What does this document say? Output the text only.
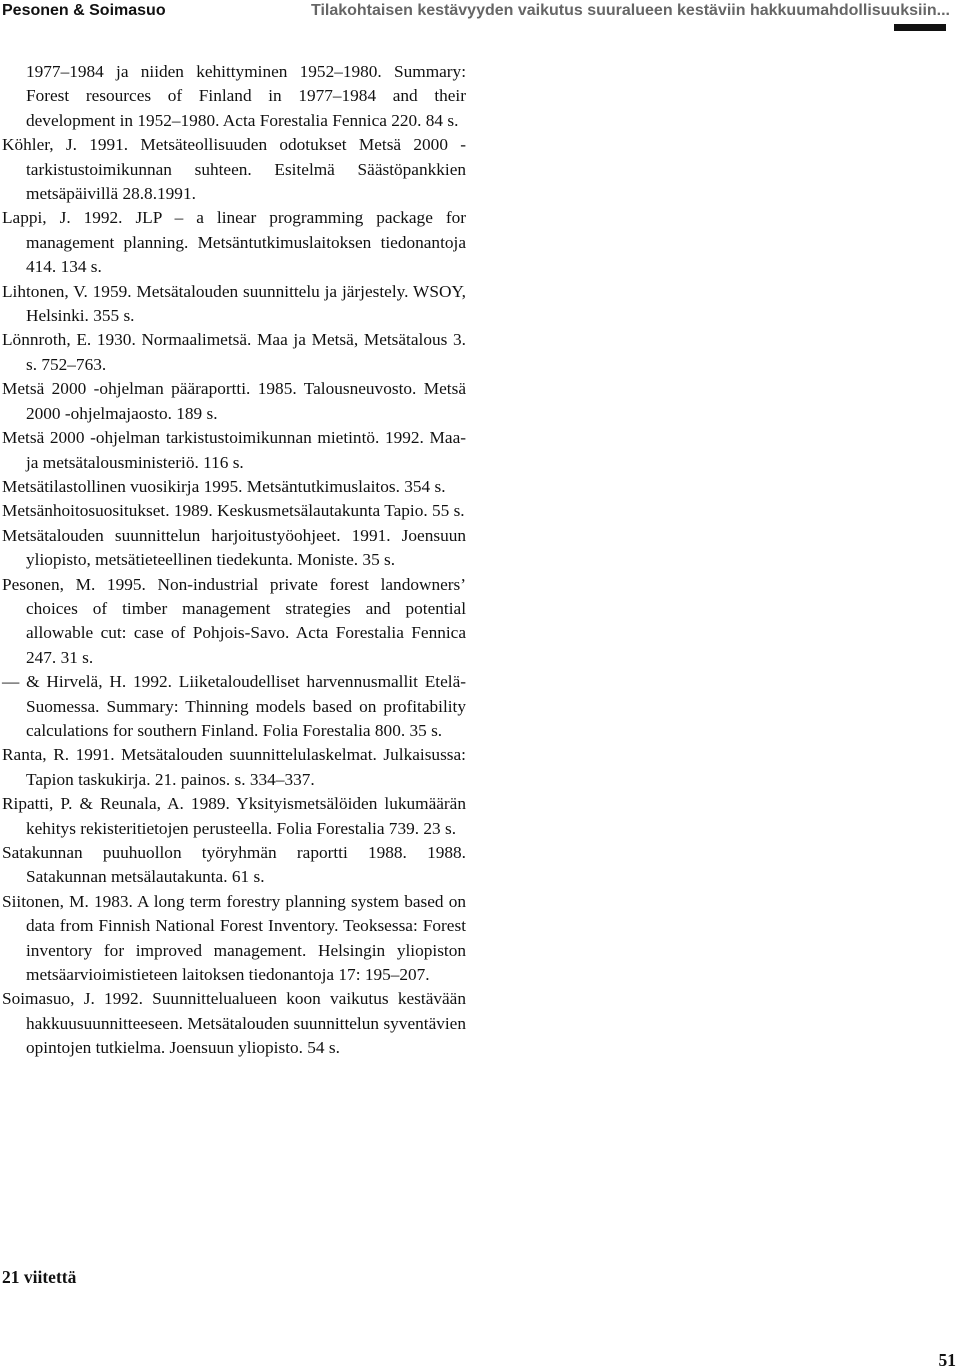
Pesonen & Soimasuo	Tilakohtaisen kestävyyden vaikutus suuralueen kestäviin hakkuumahdollisuuksiin...
1977–1984 ja niiden kehittyminen 1952–1980. Summary: Forest resources of Finland in 1977–1984 and their development in 1952–1980. Acta Forestalia Fennica 220. 84 s.
Köhler, J. 1991. Metsäteollisuuden odotukset Metsä 2000 -tarkistustoimikunnan suhteen. Esitelmä Säästöpankkien metsäpäivillä 28.8.1991.
Lappi, J. 1992. JLP – a linear programming package for management planning. Metsäntutkimuslaitoksen tiedonantoja 414. 134 s.
Lihtonen, V. 1959. Metsätalouden suunnittelu ja järjestely. WSOY, Helsinki. 355 s.
Lönnroth, E. 1930. Normaalimetsä. Maa ja Metsä, Metsätalous 3. s. 752–763.
Metsä 2000 -ohjelman pääraportti. 1985. Talousneuvosto. Metsä 2000 -ohjelmajaosto. 189 s.
Metsä 2000 -ohjelman tarkistustoimikunnan mietintö. 1992. Maa- ja metsätalousministeriö. 116 s.
Metsätilastollinen vuosikirja 1995. Metsäntutkimuslaitos. 354 s.
Metsänhoitosuositukset. 1989. Keskusmetsälautakunta Tapio. 55 s.
Metsätalouden suunnittelun harjoitustyöohjeet. 1991. Joensuun yliopisto, metsätieteellinen tiedekunta. Moniste. 35 s.
Pesonen, M. 1995. Non-industrial private forest landowners’ choices of timber management strategies and potential allowable cut: case of Pohjois-Savo. Acta Forestalia Fennica 247. 31 s.
— & Hirvelä, H. 1992. Liiketaloudelliset harvennusmallit Etelä-Suomessa. Summary: Thinning models based on profitability calculations for southern Finland. Folia Forestalia 800. 35 s.
Ranta, R. 1991. Metsätalouden suunnittelulaskelmat. Julkaisussa: Tapion taskukirja. 21. painos. s. 334–337.
Ripatti, P. & Reunala, A. 1989. Yksityismetsälöiden lukumäärän kehitys rekisteritietojen perusteella. Folia Forestalia 739. 23 s.
Satakunnan puuhuollon työryhmän raportti 1988. 1988. Satakunnan metsälautakunta. 61 s.
Siitonen, M. 1983. A long term forestry planning system based on data from Finnish National Forest Inventory. Teoksessa: Forest inventory for improved management. Helsingin yliopiston metsäarvioimistieteen laitoksen tiedonantoja 17: 195–207.
Soimasuo, J. 1992. Suunnittelualueen koon vaikutus kestävään hakkuusuunnitteeseen. Metsätalouden suunnittelun syventävien opintojen tutkielma. Joensuun yliopisto. 54 s.
21 viitettä
51
